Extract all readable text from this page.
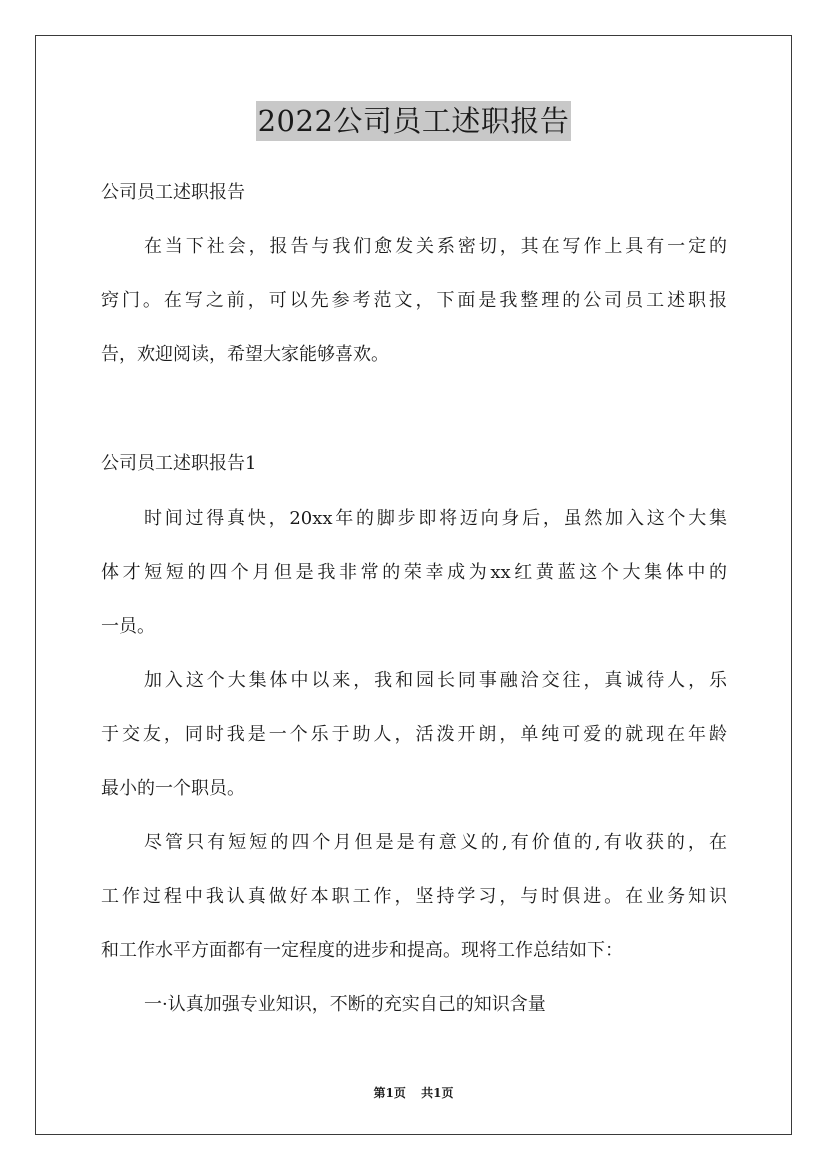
2022公司员工述职报告

公司员工述职报告

在当下社会，报告与我们愈发关系密切，其在写作上具有一定的

窍门。在写之前，可以先参考范文，下面是我整理的公司员工述职报

告，欢迎阅读，希望大家能够喜欢。

公司员工述职报告1

时间过得真快，20xx年的脚步即将迈向身后，虽然加入这个大集

体才短短的四个月但是我非常的荣幸成为xx红黄蓝这个大集体中的

一员。

加入这个大集体中以来，我和园长同事融洽交往，真诚待人，乐

于交友，同时我是一个乐于助人，活泼开朗，单纯可爱的就现在年龄

最小的一个职员。

尽管只有短短的四个月但是是有意义的,有价值的,有收获的，在

工作过程中我认真做好本职工作，坚持学习，与时俱进。在业务知识

和工作水平方面都有一定程度的进步和提高。现将工作总结如下：

一·认真加强专业知识，不断的充实自己的知识含量

第1页 共1页
